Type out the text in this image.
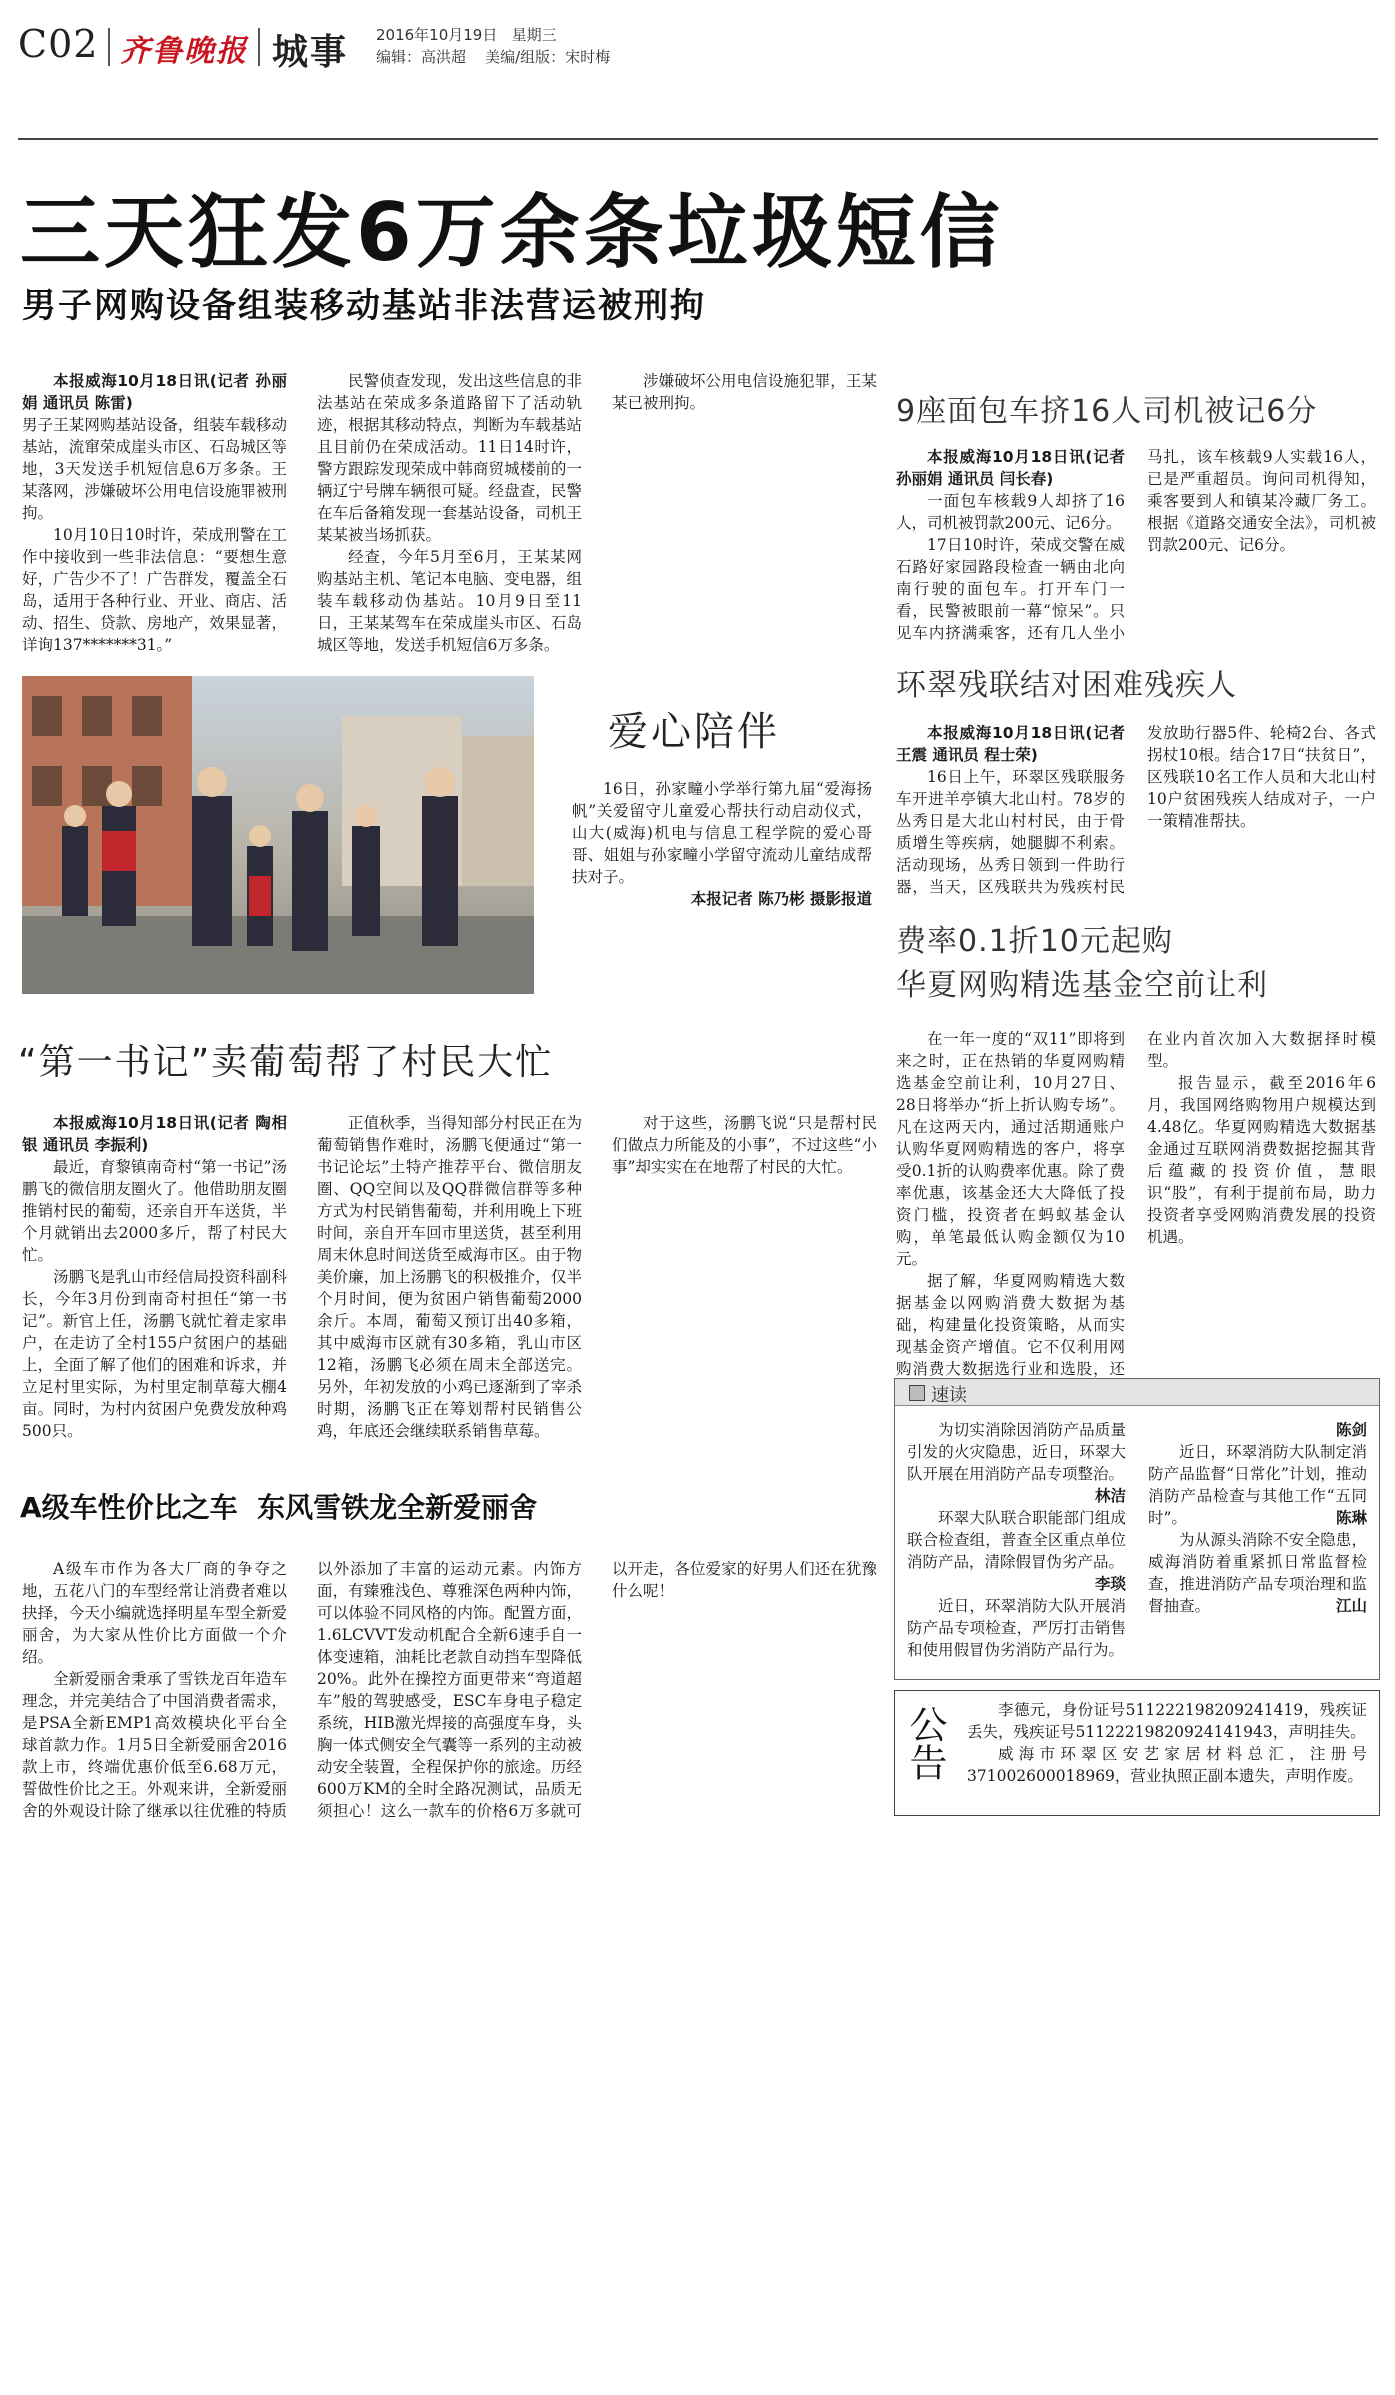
C02 齐鲁晚报 城事 2016年10月19日 星期三
编辑：高洪超 美编/组版：宋时梅
三天狂发6万余条垃圾短信
男子网购设备组装移动基站非法营运被刑拘

本报威海10月18日讯(记者 孙丽娟 通讯员 陈雷)

男子王某网购基站设备，组装车载移动基站，流窜荣成崖头市区、石岛城区等地，3天发送手机短信息6万多条。王某落网，涉嫌破坏公用电信设施罪被刑拘。

10月10日10时许，荣成刑警在工作中接收到一些非法信息：“要想生意好，广告少不了！广告群发，覆盖全石岛，适用于各种行业、开业、商店、活动、招生、贷款、房地产，效果显著，详询137*******31。”

民警侦查发现，发出这些信息的非法基站在荣成多条道路留下了活动轨迹，根据其移动特点，判断为车载基站且目前仍在荣成活动。11日14时许，警方跟踪发现荣成中韩商贸城楼前的一辆辽宁号牌车辆很可疑。经盘查，民警在车后备箱发现一套基站设备，司机王某某被当场抓获。

经查，今年5月至6月，王某某网购基站主机、笔记本电脑、变电器，组装车载移动伪基站。10月9日至11日，王某某驾车在荣成崖头市区、石岛城区等地，发送手机短信6万多条。

涉嫌破坏公用电信设施犯罪，王某某已被刑拘。

爱心陪伴

16日，孙家疃小学举行第九届“爱海扬帆”关爱留守儿童爱心帮扶行动启动仪式，山大(威海)机电与信息工程学院的爱心哥哥、姐姐与孙家疃小学留守流动儿童结成帮扶对子。

本报记者 陈乃彬 摄影报道

9座面包车挤16人司机被记6分

本报威海10月18日讯(记者 孙丽娟 通讯员 闫长春)

一面包车核载9人却挤了16人，司机被罚款200元、记6分。

17日10时许，荣成交警在威石路好家园路段检查一辆由北向南行驶的面包车。打开车门一看，民警被眼前一幕“惊呆”。只见车内挤满乘客，还有几人坐小马扎，该车核载9人实载16人，已是严重超员。询问司机得知，乘客要到人和镇某冷藏厂务工。根据《道路交通安全法》，司机被罚款200元、记6分。

环翠残联结对困难残疾人

本报威海10月18日讯(记者 王震 通讯员 程士荣)

16日上午，环翠区残联服务车开进羊亭镇大北山村。78岁的丛秀日是大北山村村民，由于骨质增生等疾病，她腿脚不利索。活动现场，丛秀日领到一件助行器，当天，区残联共为残疾村民发放助行器5件、轮椅2台、各式拐杖10根。结合17日“扶贫日”，区残联10名工作人员和大北山村10户贫困残疾人结成对子，一户一策精准帮扶。

费率0.1折10元起购
华夏网购精选基金空前让利

在一年一度的“双11”即将到来之时，正在热销的华夏网购精选基金空前让利，10月27日、28日将举办“折上折认购专场”。凡在这两天内，通过活期通账户认购华夏网购精选的客户，将享受0.1折的认购费率优惠。除了费率优惠，该基金还大大降低了投资门槛，投资者在蚂蚁基金认购，单笔最低认购金额仅为10元。

据了解，华夏网购精选大数据基金以网购消费大数据为基础，构建量化投资策略，从而实现基金资产增值。它不仅利用网购消费大数据选行业和选股，还在业内首次加入大数据择时模型。

报告显示，截至2016年6月，我国网络购物用户规模达到4.48亿。华夏网购精选大数据基金通过互联网消费数据挖掘其背后蕴藏的投资价值，慧眼识“股”，有利于提前布局，助力投资者享受网购消费发展的投资机遇。

“第一书记”卖葡萄帮了村民大忙

本报威海10月18日讯(记者 陶相银 通讯员 李振利)

最近，育黎镇南奇村“第一书记”汤鹏飞的微信朋友圈火了。他借助朋友圈推销村民的葡萄，还亲自开车送货，半个月就销出去2000多斤，帮了村民大忙。

汤鹏飞是乳山市经信局投资科副科长，今年3月份到南奇村担任“第一书记”。新官上任，汤鹏飞就忙着走家串户，在走访了全村155户贫困户的基础上，全面了解了他们的困难和诉求，并立足村里实际，为村里定制草莓大棚4亩。同时，为村内贫困户免费发放种鸡500只。

正值秋季，当得知部分村民正在为葡萄销售作难时，汤鹏飞便通过“第一书记论坛”土特产推荐平台、微信朋友圈、QQ空间以及QQ群微信群等多种方式为村民销售葡萄，并利用晚上下班时间，亲自开车回市里送货，甚至利用周末休息时间送货至威海市区。由于物美价廉，加上汤鹏飞的积极推介，仅半个月时间，便为贫困户销售葡萄2000余斤。本周，葡萄又预订出40多箱，其中威海市区就有30多箱，乳山市区12箱，汤鹏飞必须在周末全部送完。另外，年初发放的小鸡已逐渐到了宰杀时期，汤鹏飞正在筹划帮村民销售公鸡，年底还会继续联系销售草莓。

对于这些，汤鹏飞说“只是帮村民们做点力所能及的小事”，不过这些“小事”却实实在在地帮了村民的大忙。

A级车性价比之车  东风雪铁龙全新爱丽舍

A级车市作为各大厂商的争夺之地，五花八门的车型经常让消费者难以抉择，今天小编就选择明星车型全新爱丽舍，为大家从性价比方面做一个介绍。

全新爱丽舍秉承了雪铁龙百年造车理念，并完美结合了中国消费者需求，是PSA全新EMP1高效模块化平台全球首款力作。1月5日全新爱丽舍2016款上市，终端优惠价低至6.68万元，誓做性价比之王。外观来讲，全新爱丽舍的外观设计除了继承以往优雅的特质以外添加了丰富的运动元素。内饰方面，有臻雅浅色、尊雅深色两种内饰，可以体验不同风格的内饰。配置方面，1.6LCVVT发动机配合全新6速手自一体变速箱，油耗比老款自动挡车型降低20%。此外在操控方面更带来“弯道超车”般的驾驶感受，ESC车身电子稳定系统，HIB激光焊接的高强度车身，头胸一体式侧安全气囊等一系列的主动被动安全装置，全程保护你的旅途。历经600万KM的全时全路况测试，品质无须担心！这么一款车的价格6万多就可以开走，各位爱家的好男人们还在犹豫什么呢！

速读

为切实消除因消防产品质量引发的火灾隐患，近日，环翠大队开展在用消防产品专项整治。
林洁

环翠大队联合职能部门组成联合检查组，普查全区重点单位消防产品，清除假冒伪劣产品。
李琰

近日，环翠消防大队开展消防产品专项检查，严厉打击销售和使用假冒伪劣消防产品行为。
陈剑

近日，环翠消防大队制定消防产品监督“日常化”计划，推动消防产品检查与其他工作“五同时”。	陈琳

为从源头消除不安全隐患，威海消防着重紧抓日常监督检查，推进消防产品专项治理和监督抽查。	江山

公告	李德元，身份证号511222198209241419，残疾证丢失，残疾证号51122219820924141943，声明挂失。

威海市环翠区安艺家居材料总汇，注册号371002600018969，营业执照正副本遗失，声明作废。
